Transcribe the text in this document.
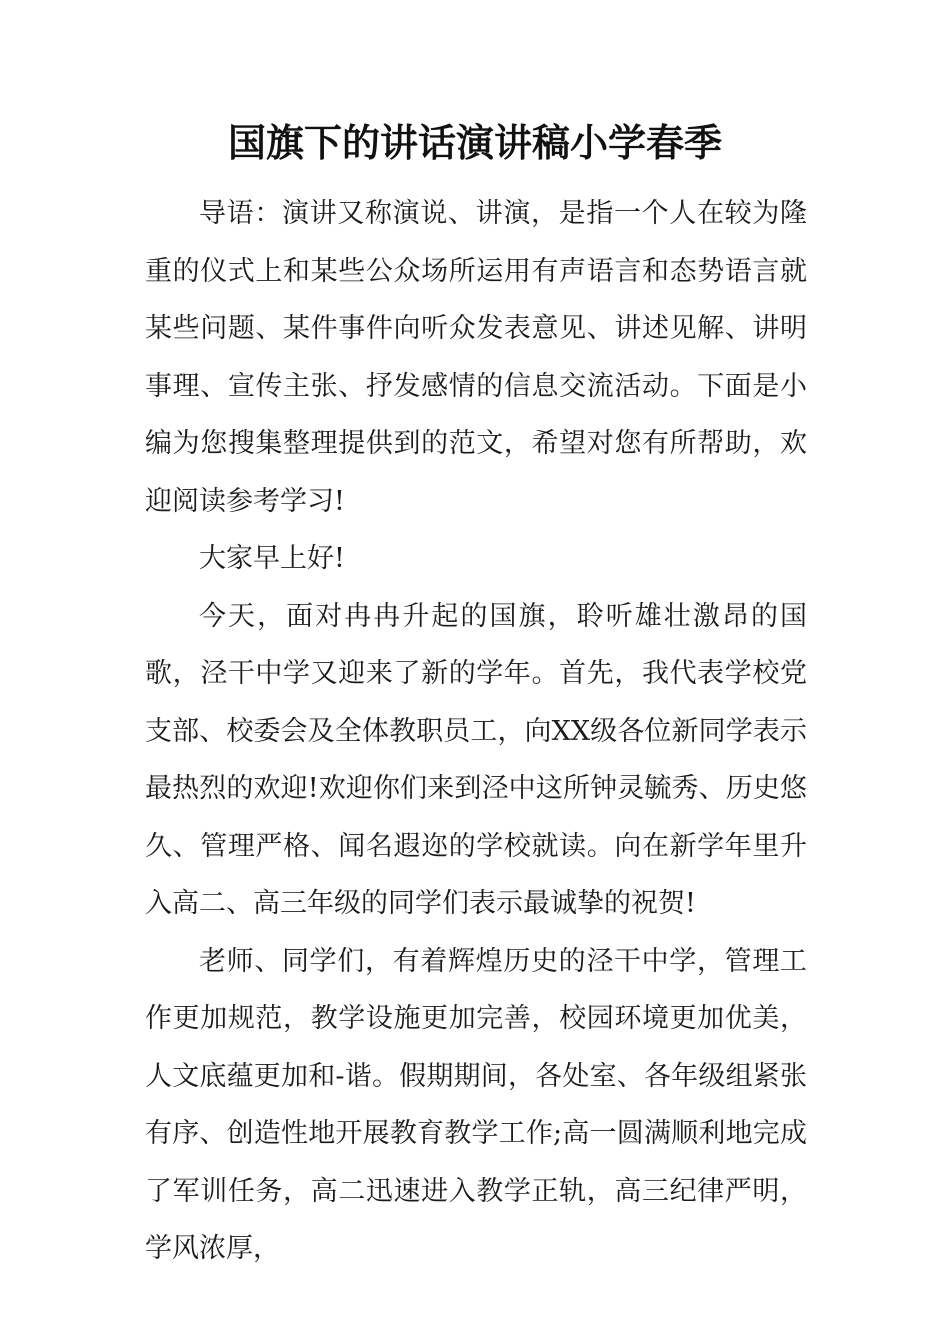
国旗下的讲话演讲稿小学春季

导语：演讲又称演说、讲演，是指一个人在较为隆重的仪式上和某些公众场所运用有声语言和态势语言就某些问题、某件事件向听众发表意见、讲述见解、讲明事理、宣传主张、抒发感情的信息交流活动。下面是小编为您搜集整理提供到的范文，希望对您有所帮助，欢迎阅读参考学习!

大家早上好!

今天，面对冉冉升起的国旗，聆听雄壮激昂的国歌，泾干中学又迎来了新的学年。首先，我代表学校党支部、校委会及全体教职员工，向XX级各位新同学表示最热烈的欢迎!欢迎你们来到泾中这所钟灵毓秀、历史悠久、管理严格、闻名遐迩的学校就读。向在新学年里升入高二、高三年级的同学们表示最诚挚的祝贺!

老师、同学们，有着辉煌历史的泾干中学，管理工作更加规范，教学设施更加完善，校园环境更加优美，人文底蕴更加和-谐。假期期间，各处室、各年级组紧张有序、创造性地开展教育教学工作;高一圆满顺利地完成了军训任务，高二迅速进入教学正轨，高三纪律严明，学风浓厚，
